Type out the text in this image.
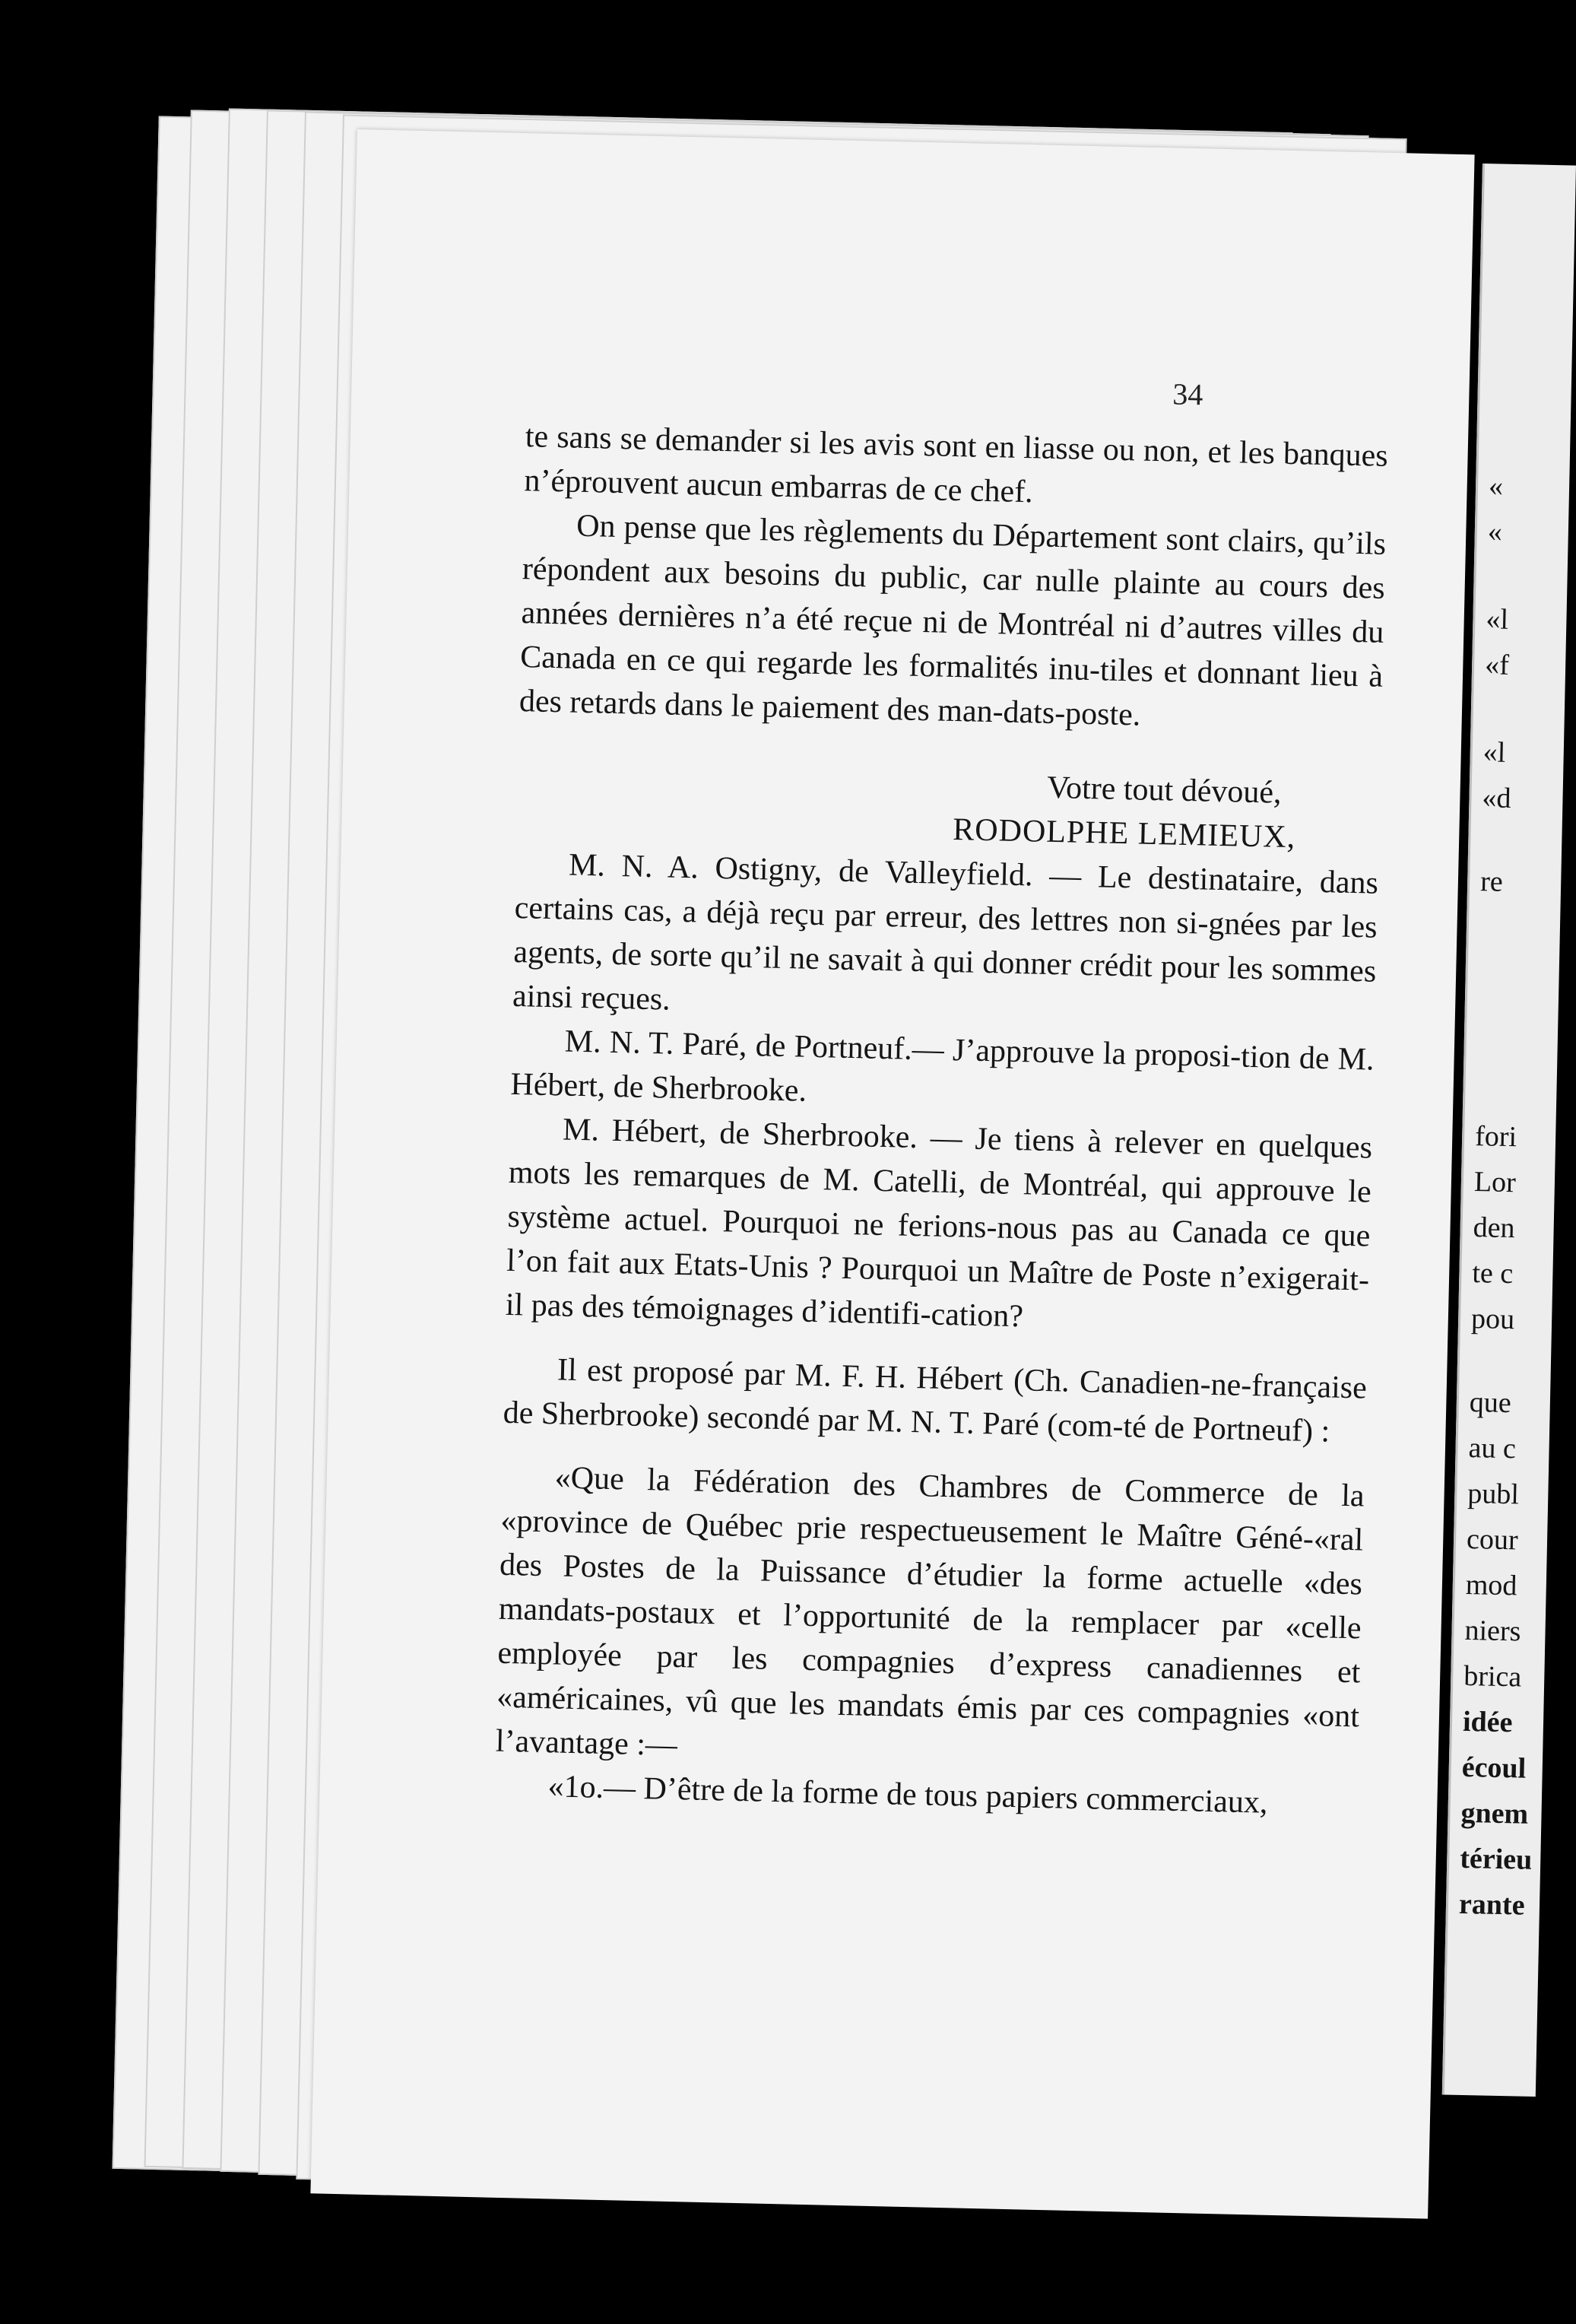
34

te sans se demander si les avis sont en liasse ou non, et les banques n’éprouvent aucun embarras de ce chef.

On pense que les règlements du Département sont clairs, qu’ils répondent aux besoins du public, car nulle plainte au cours des années dernières n’a été reçue ni de Montréal ni d’autres villes du Canada en ce qui regarde les formalités inu-tiles et donnant lieu à des retards dans le paiement des man-dats-poste.

Votre tout dévoué,

RODOLPHE LEMIEUX,

M. N. A. Ostigny, de Valleyfield. — Le destinataire, dans certains cas, a déjà reçu par erreur, des lettres non si-gnées par les agents, de sorte qu’il ne savait à qui donner crédit pour les sommes ainsi reçues.

M. N. T. Paré, de Portneuf.— J’approuve la proposi-tion de M. Hébert, de Sherbrooke.

M. Hébert, de Sherbrooke. — Je tiens à relever en quelques mots les remarques de M. Catelli, de Montréal, qui approuve le système actuel. Pourquoi ne ferions-nous pas au Canada ce que l’on fait aux Etats-Unis ? Pourquoi un Maître de Poste n’exigerait-il pas des témoignages d’identifi-cation?

Il est proposé par M. F. H. Hébert (Ch. Canadien-ne-française de Sherbrooke) secondé par M. N. T. Paré (com-té de Portneuf) :

«Que la Fédération des Chambres de Commerce de la «province de Québec prie respectueusement le Maître Géné-«ral des Postes de la Puissance d’étudier la forme actuelle «des mandats-postaux et l’opportunité de la remplacer par «celle employée par les compagnies d’express canadiennes et «américaines, vû que les mandats émis par ces compagnies «ont l’avantage :—

«1o.— D’être de la forme de tous papiers commerciaux,

«
«
«l
«f
«l
«d
re
fori
Lor
den
te c
pou
que
au c
publ
cour
mod
niers
brica
idée
écoul
gnem
térieu
rante
